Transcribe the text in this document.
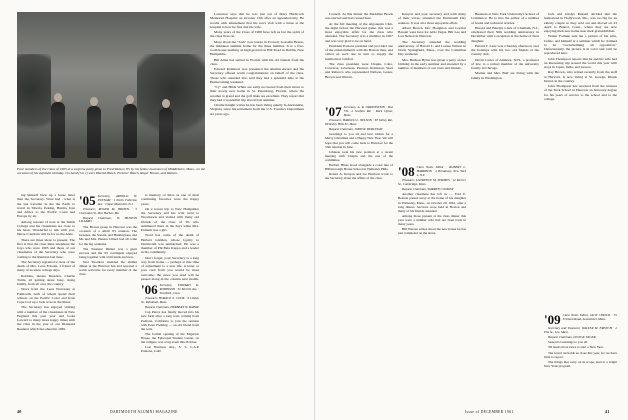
Four members of the Class of 1905 at a surprise party given to Fred Watson '05 by his fellow townsmen of Middleboro, Mass., on the occasion of his eightieth birthday. On hand (l to r) were Harold Hatch, Fletcher Hatch, Roger Brown, and Watson.

ing himself blew up a horse latter than the Secretary. Ware had . what is the last traveller in the the Earth to travel in Siberia, Peking, Burma, Iran and Africa to the Pacific Coast and Europe by air.

Among reasons of note at the Smith College and his classmates are close to his heart. Wonderful to talk with you, Nurse Courtlain will be for us the Aisle.

There are three ideas to present. The first is that the class must telephone the boys who were 1905 and those of our classmates of the Secretary who were coming to the Reunion last June.

The Secretary regretted to hear of the death of Mrs. Leon Folsom, a friend of many of us since college days.

Robbins, Oreste Dearden, Charlie Tuttle, all getting alone busy, doing family, from all over the country.

News from the Leon Worcester at Falmouth, both of whom spend their winters on the Pacific Coast and from Cape Cod up a look at us in the Pines.

The Secretary has enjoyed visiting with a number of the classmates in New England this past year and looks forward to many more happy times with the class in the year of our Diamond Reunion which lies ahead in 1965.

'05 Secretary, ARNOLD W. PUTNAM · 1 North Fullerton Ave. · Upper Montclair, N.J.

Treasurer, ROGER M. BROWN · 5 Clarendon St., Bar Harbor, Me.

Bequest Chairman, W. HUSTON LILLARD

The Brown group in Hanover was the occasion of a small '05 reunion. The Greenes, the Stuarts, and Huntingtons, and Mr. and Mrs. Huston Lillard had all come for the big weekend.

The Trustees' Dinner was a great success and the '05 contingent enjoyed being together with old friends and new.

Ned Thornton attended the alumni dinner at the Hanover Inn and reported a warm welcome for every member of the class.

is memory of Inlos as one of their continuing favorites were the happy years.

On a recent trip to New Hampshire the Secretary and his wife went to Woodstock and visited with many old friends of the class of '05 who summered there in the days when Mrs. Putnam was a girl.

Word has come of the death of Herbert Glidden, whose loyalty to Dartmouth was unmatched. He was a member of Phi Beta Kappa and a leader in his community.

Don't forget, your Secretary is a long way from home — perhaps at this time of adjustment to a new life. A letter or post card from you would be most welcome; the news you send will be passed along in the column next month.

'06 Secretary, EDWARD K. ROBINSON · 32 Merritt Ave. · Stratford, Conn.

Treasurer, HORACE S. COOK · 9 Linden St., Rehoboth, Mass.

Bequest Chairman, HERBERT W. RAINIE

Cap Pierce has finally moved into his new farm after a long wait, coming from Pomona, California to join the reunion with Peter Fleming — an old friend from the west.

The formal opening of the Edgerton House, the Episcopal Student Center, on the campus, was a big event this October.

Lost Harrison Ave., S. S. C.A.P. Pomona, Calif.

Lawrence says that he was just out of Mary Hitchcock Memorial Hospital on October 15th after an appendectomy. He recalls with amusement that his son's visit with a nurse at the hospital is how he first met his wife.

Many years of the Class of 1906 have left us but the spirit of the class lives on.

More about the "Josh" now learns in Trowell, Gosselin House, the mistaken summer home for the three families. It is a five-room house nestling on high ground on Hill Road in Dublin, New Hampshire.

Bill Allen has settled in Florida with his old friends from the class.

Edward Robinson was presented the Alumni Award and the Secretary offered warm congratulations on behalf of the class. Those who attended also said they had a splendid time at the Homecoming weekend.

"Cy" and Hilda White are sadly recovered from their move to their lovely new home in St. Petersburg, Florida, where the weather is grand and the golf links are excellent. They report that they had a wonderful trip abroad last summer.

Charlie Knight writes he has been living quietly in Alexandria, Virginia, since his retirement from the U.S. Treasury Department six years ago.

40	DARTMOUTH ALUMNI MAGAZINE

Council. At this dinner the Madaline Brook was elected and had ceased here.

At the fall meeting of the Algonquin Club, the night before the Harvard game, this was a most enjoyable affair for the class who attended. The Secretary was a member in 1907 and was very glad to be on hand.

President Parsons presided and provided one of the entertainments with his Boston men, and called on each one in turn to supply the intellectual comfort.

The class president were Chapin, Coho, Converse, Levenson, Pearson, Robinson, Starr and Rebecca who represented Nailson, Lester, Brown and Warren.

'07 Secretary, A. R. ORDENSTEIN · Box 731, 4 Grafton Rd. · Rock Upton, Mass.

Treasurer, HAROLD L. NELSON · 83 Valley Rd., Wellesley Hills 81, Mass.

Bequest Chairman, JOHN R. BURLEIGH

Greetings to you all and best wishes for a Merry Christmas and a Happy New Year. We will hope that you will come back to Hanover for the 55th reunion in June.

Johnson took his new position at a recent meeting with Chapin and the rest of the committee.

Herbert Hines stood alongside a coast line of Hillsborough House School in Wellesley Hills.

Robert A. Kenyon and Joe Harrison wrote to the Secretary about the affairs of the class.

Kenyon and your secretary and with many of their wives, attended the Dartmouth Day reunion. It was all a most enjoyable affair.

Albert Brown, Doc Houghton and Gordon Bassett were here for Aldo Vegas, Bill Lee and Lou Nelson in Hanover.

The Secretary attended the wedding anniversary of Harold L. and Louise Nelson in North Springfield, Mass., over the Columbus Day weekend.

Mrs. Hudson Hylas was given a party on her birthday in the early summer and attended by a number of members of our class and friends.

'08 Class Notes Editor · ROBERT L. HARRISON · 2 Broadway, New York 4, N.Y.

Treasurer, LAURENCE M. SYMMES · 12 Mercer St., Cambridge, Mass.

Bequest Chairman, WARREN COOKER

Another classmate has left us — Fred E. Benson passed away at the home of his daughter in Wellesley, Mass., on October 20, 1961, after a long illness. Services were held in Boston and many of his friends attended.

Among those present at the class dinner this year were a number who had not been back in many years.

Bill Warren writes about the new house he has just completed on the shore.

Business at New York University's School of Commerce. He is also the author of a number of books and technical articles.

Harold and Ethelyn Clark of Chatham, N.J., celebrated their 50th wedding anniversary in December with a reception at the home of their daughter.

Harold T. Lane was a Sunday afternoon over the holidays with his two old friends at the country club.

David Carter of Amherst, N.H., a professor of law, is a retired member of the university faculty in Chicago.

Marian and Mrs. Bull are living with the family in Washington.

Jack and Gladys Russell decided that the homestead in Hollywood, Mo., was too big for an elderly couple so they sold out and moved on 23 April to Bristol, Conn., where they are now enjoying their new home near their grandchildren.

Walter Forman sent me a picture of his wife, Jackie, and himself at a seminar which he claimed to be "overwhelming all opposition." Unfortunately, the picture is in color and can't be reproduced here.

John Thompson reports that he and his wife had an interesting trip around the world this year with stops in Japan, India, and Greece.

Ray Brown, who retired recently from the staff at Harvard, is now living at St. George, Rhode Island, in the country.

John Thompson has received from the trustees of the Tuck School in Hanover an honorary degree for his years of service to the school and to the college.

'09 Class Notes Editor, JACK CHILDS · 55 Fremont Road, Leominster, Mass.

Secretary and Treasurer, WALTER M. FRENCH · 2 Elm St., Lee, Mass.

Bequest Chairman, LEON R. FAGER

Season's Greetings to you all.

'09 needs more news to start a New Year.

The travel rut holds us close this year, for we have little to report.

The things that carry on in scope, lead to a bright New York program.

Issue of DECEMBER 1961	41
